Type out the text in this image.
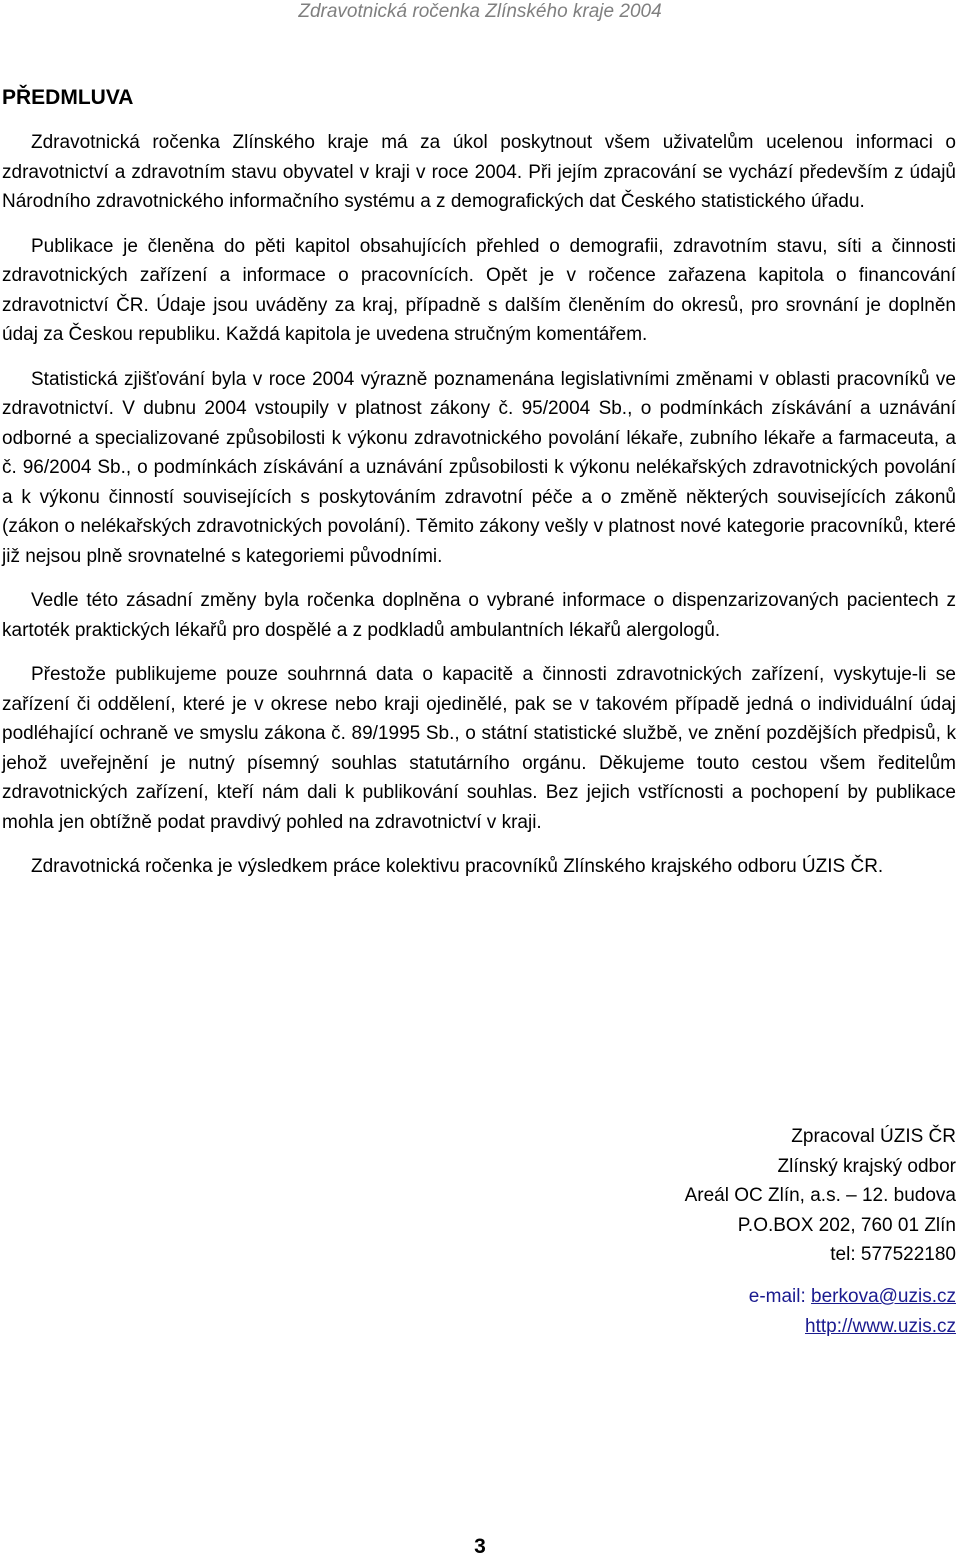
Zdravotnická ročenka Zlínského kraje 2004
PŘEDMLUVA

Zdravotnická ročenka Zlínského kraje má za úkol poskytnout všem uživatelům ucelenou informaci o zdravotnictví a zdravotním stavu obyvatel v kraji v roce 2004. Při jejím zpracování se vychází především z údajů Národního zdravotnického informačního systému a z demografických dat Českého statistického úřadu.

Publikace je členěna do pěti kapitol obsahujících přehled o demografii, zdravotním stavu, síti a činnosti zdravotnických zařízení a informace o pracovnících. Opět je v ročence zařazena kapitola o financování zdravotnictví ČR. Údaje jsou uváděny za kraj, případně s dalším členěním do okresů, pro srovnání je doplněn údaj za Českou republiku. Každá kapitola je uvedena stručným komentářem.

Statistická zjišťování byla v roce 2004 výrazně poznamenána legislativními změnami v oblasti pracovníků ve zdravotnictví. V dubnu 2004 vstoupily v platnost zákony č. 95/2004 Sb., o podmínkách získávání a uznávání odborné a specializované způsobilosti k výkonu zdravotnického povolání lékaře, zubního lékaře a farmaceuta, a č. 96/2004 Sb., o podmínkách získávání a uznávání způsobilosti k výkonu nelékařských zdravotnických povolání a k výkonu činností souvisejících s poskytováním zdravotní péče a o změně některých souvisejících zákonů (zákon o nelékařských zdravotnických povolání). Těmito zákony vešly v platnost nové kategorie pracovníků, které již nejsou plně srovnatelné s kategoriemi původními.

Vedle této zásadní změny byla ročenka doplněna o vybrané informace o dispenzarizovaných pacientech z kartoték praktických lékařů pro dospělé a z podkladů ambulantních lékařů alergologů.

Přestože publikujeme pouze souhrnná data o kapacitě a činnosti zdravotnických zařízení, vyskytuje-li se zařízení či oddělení, které je v okrese nebo kraji ojedinělé, pak se v takovém případě jedná o individuální údaj podléhající ochraně ve smyslu zákona č. 89/1995 Sb., o státní statistické službě, ve znění pozdějších předpisů, k jehož uveřejnění je nutný písemný souhlas statutárního orgánu. Děkujeme touto cestou všem ředitelům zdravotnických zařízení, kteří nám dali k publikování souhlas. Bez jejich vstřícnosti a pochopení by publikace mohla jen obtížně podat pravdivý pohled na zdravotnictví v kraji.

Zdravotnická ročenka je výsledkem práce kolektivu pracovníků Zlínského krajského odboru ÚZIS ČR.

Zpracoval ÚZIS ČR
Zlínský krajský odbor
Areál OC Zlín, a.s. – 12. budova
P.O.BOX 202, 760 01 Zlín
tel: 577522180
e-mail: berkova@uzis.cz
http://www.uzis.cz
3
